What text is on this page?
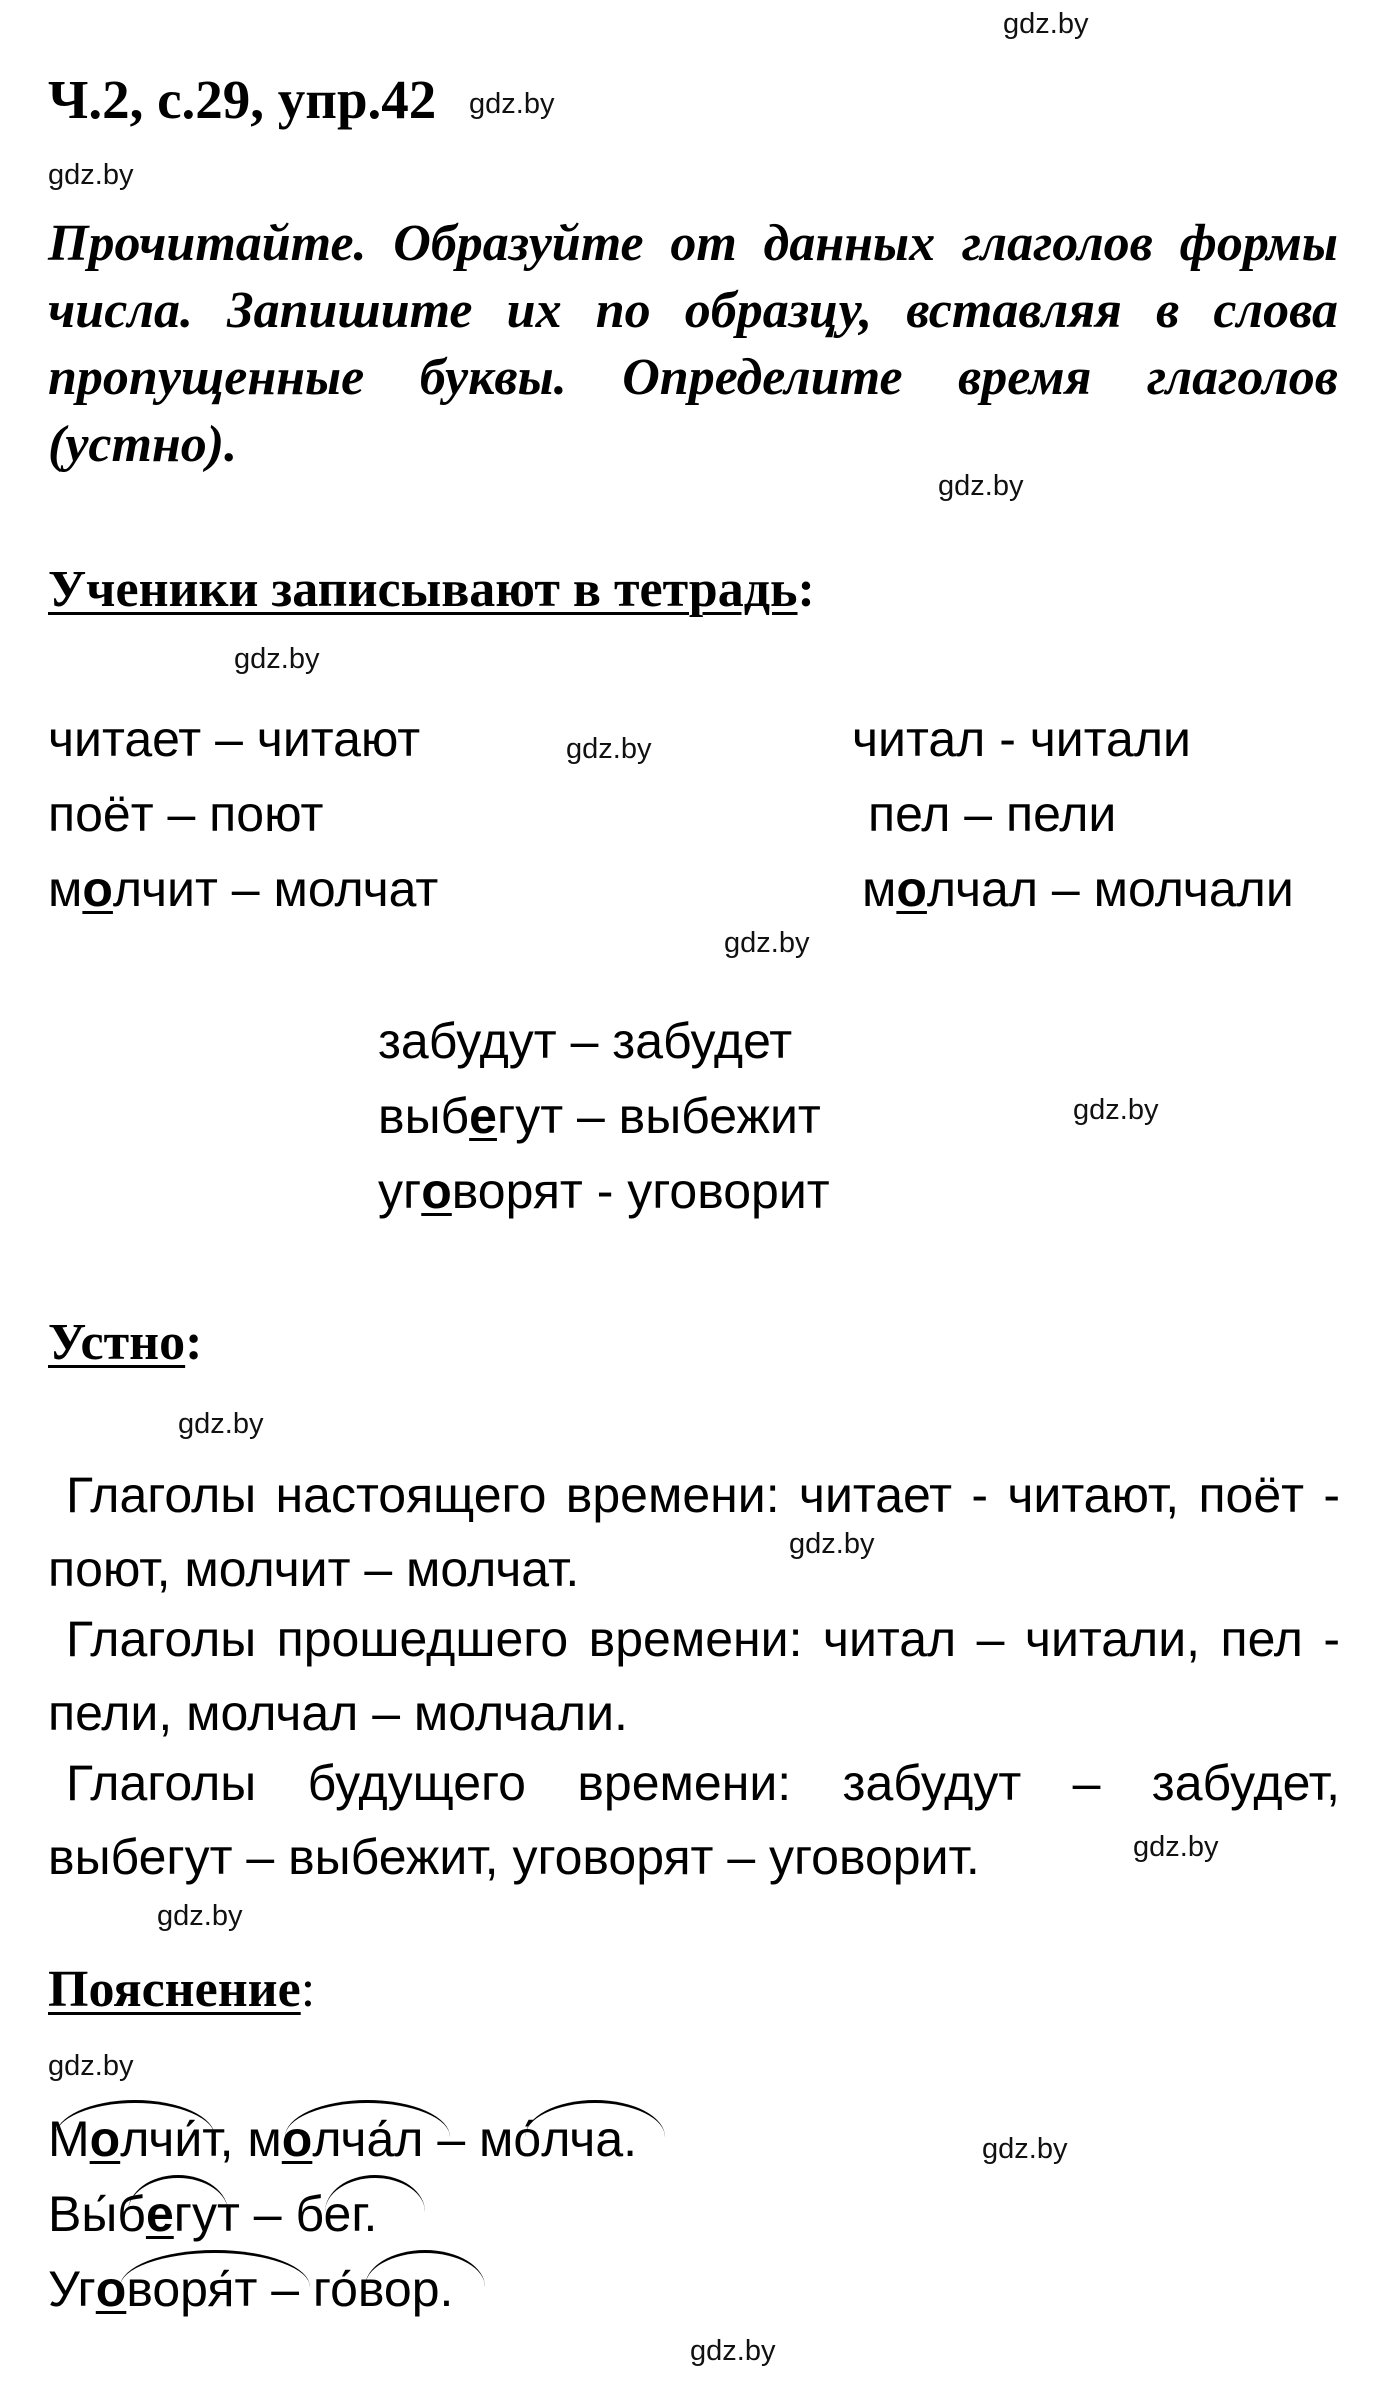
gdz.by
gdz.by
gdz.by
gdz.by
gdz.by
gdz.by
gdz.by
gdz.by
gdz.by
gdz.by
gdz.by
gdz.by
gdz.by
gdz.by
gdz.by
Ч.2, с.29, упр.42
Прочитайте. Образуйте от данных глаголов формы числа. Запишите их по образцу, вставляя в слова пропущенные буквы. Определите время глаголов (устно).
Ученики записывают в тетрадь:
читает – читают
поёт – поют
молчит – молчат
читал - читали
пел – пели
молчал – молчали
забудут – забудет
выбегут – выбежит
уговорят - уговорит
Устно:
Глаголы настоящего времени: читает - читают, поёт - поют, молчит – молчат.
Глаголы прошедшего времени: читал – читали, пел - пели, молчал – молчали.
Глаголы будущего времени: забудут – забудет, выбегут – выбежит, уговорят – уговорит.
Пояснение:
Молчи́т, молча́л – мо́лча.
Вы́бегут – бег.
Уговоря́т – го́вор.
